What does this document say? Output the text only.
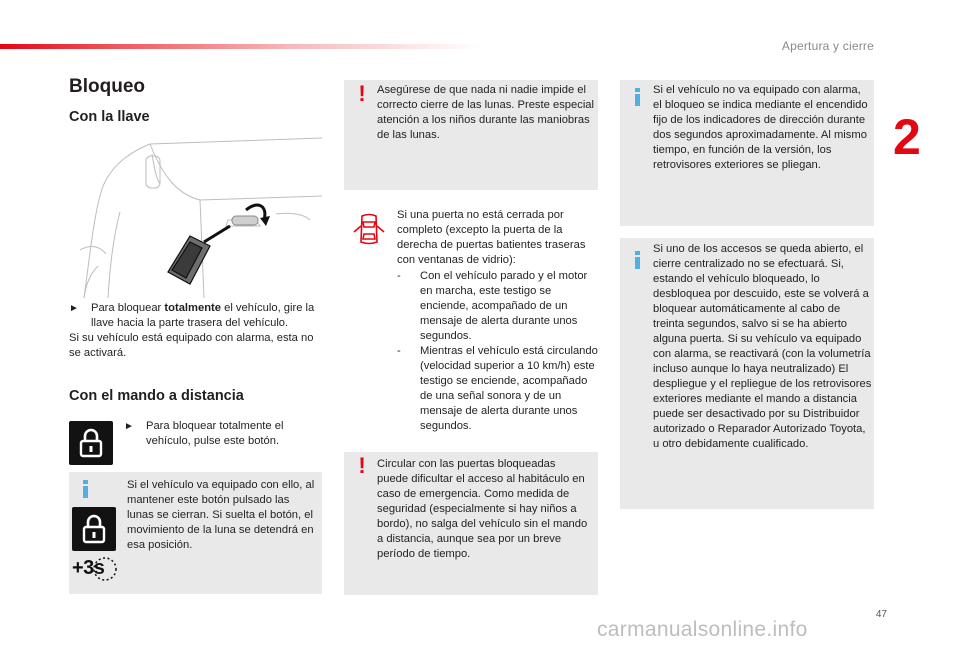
Apertura y cierre
2
Bloqueo
Con la llave
►	Para bloquear totalmente el vehículo, gire la llave hacia la parte trasera del vehículo.
Si su vehículo está equipado con alarma, esta no se activará.
Con el mando a distancia
►	Para bloquear totalmente el vehículo, pulse este botón.
+3s
Si el vehículo va equipado con ello, al mantener este botón pulsado las lunas se cierran. Si suelta el botón, el movimiento de la luna se detendrá en esa posición.
! Asegúrese de que nada ni nadie impide el correcto cierre de las lunas. Preste especial atención a los niños durante las maniobras de las lunas.
Si una puerta no está cerrada por completo (excepto la puerta de la derecha de puertas batientes traseras con ventanas de vidrio):
-	Con el vehículo parado y el motor en marcha, este testigo se enciende, acompañado de un mensaje de alerta durante unos segundos.
-	Mientras el vehículo está circulando (velocidad superior a 10 km/h) este testigo se enciende, acompañado de una señal sonora y de un mensaje de alerta durante unos segundos.
! Circular con las puertas bloqueadas puede dificultar el acceso al habitáculo en caso de emergencia. Como medida de seguridad (especialmente si hay niños a bordo), no salga del vehículo sin el mando a distancia, aunque sea por un breve período de tiempo.
Si el vehículo no va equipado con alarma, el bloqueo se indica mediante el encendido fijo de los indicadores de dirección durante dos segundos aproximadamente. Al mismo tiempo, en función de la versión, los retrovisores exteriores se pliegan.
Si uno de los accesos se queda abierto, el cierre centralizado no se efectuará. Si, estando el vehículo bloqueado, lo desbloquea por descuido, este se volverá a bloquear automáticamente al cabo de treinta segundos, salvo si se ha abierto alguna puerta. Si su vehículo va equipado con alarma, se reactivará (con la volumetría incluso aunque lo haya neutralizado) El despliegue y el repliegue de los retrovisores exteriores mediante el mando a distancia puede ser desactivado por su Distribuidor autorizado o Reparador Autorizado Toyota, u otro debidamente cualificado.
47
carmanualsonline.info
